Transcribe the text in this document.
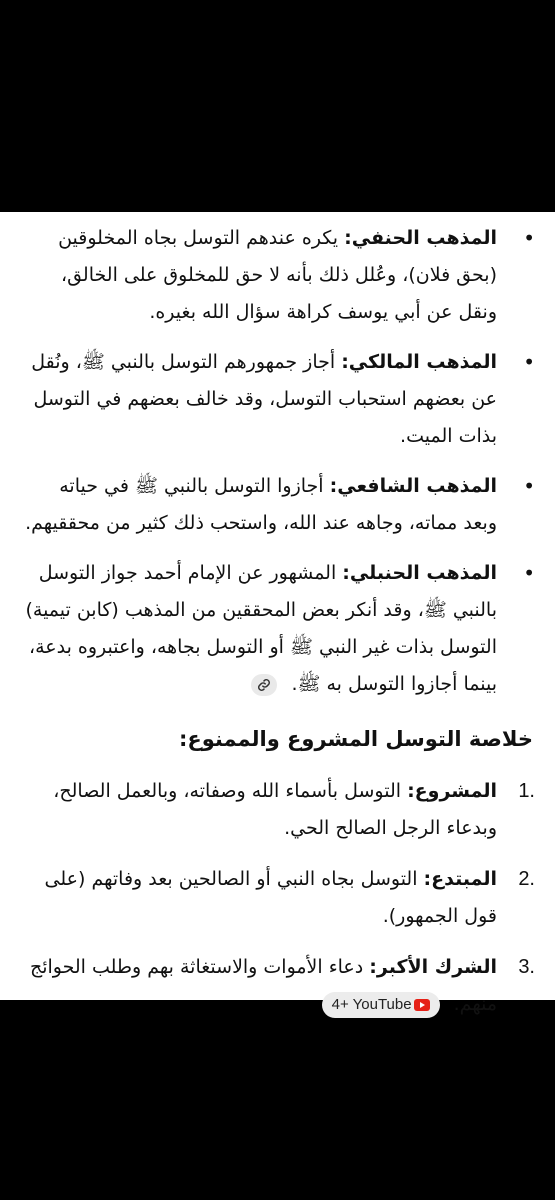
• المذهب الحنفي: يكره عندهم التوسل بجاه المخلوقين (بحق فلان)، وعُلل ذلك بأنه لا حق للمخلوق على الخالق، ونقل عن أبي يوسف كراهة سؤال الله بغيره.
• المذهب المالكي: أجاز جمهورهم التوسل بالنبي ﷺ، ونُقل عن بعضهم استحباب التوسل، وقد خالف بعضهم في التوسل بذات الميت.
• المذهب الشافعي: أجازوا التوسل بالنبي ﷺ في حياته وبعد مماته، وجاهه عند الله، واستحب ذلك كثير من محققيهم.
• المذهب الحنبلي: المشهور عن الإمام أحمد جواز التوسل بالنبي ﷺ، وقد أنكر بعض المحققين من المذهب (كابن تيمية) التوسل بذات غير النبي ﷺ أو التوسل بجاهه، واعتبروه بدعة، بينما أجازوا التوسل به ﷺ.
خلاصة التوسل المشروع والممنوع:
1.
المشروع: التوسل بأسماء الله وصفاته، وبالعمل الصالح، وبدعاء الرجل الصالح الحي.
2.
المبتدع: التوسل بجاه النبي أو الصالحين بعد وفاتهم (على قول الجمهور).
3.
الشرك الأكبر: دعاء الأموات والاستغاثة بهم وطلب الحوائج منهم. 4+ YouTube
